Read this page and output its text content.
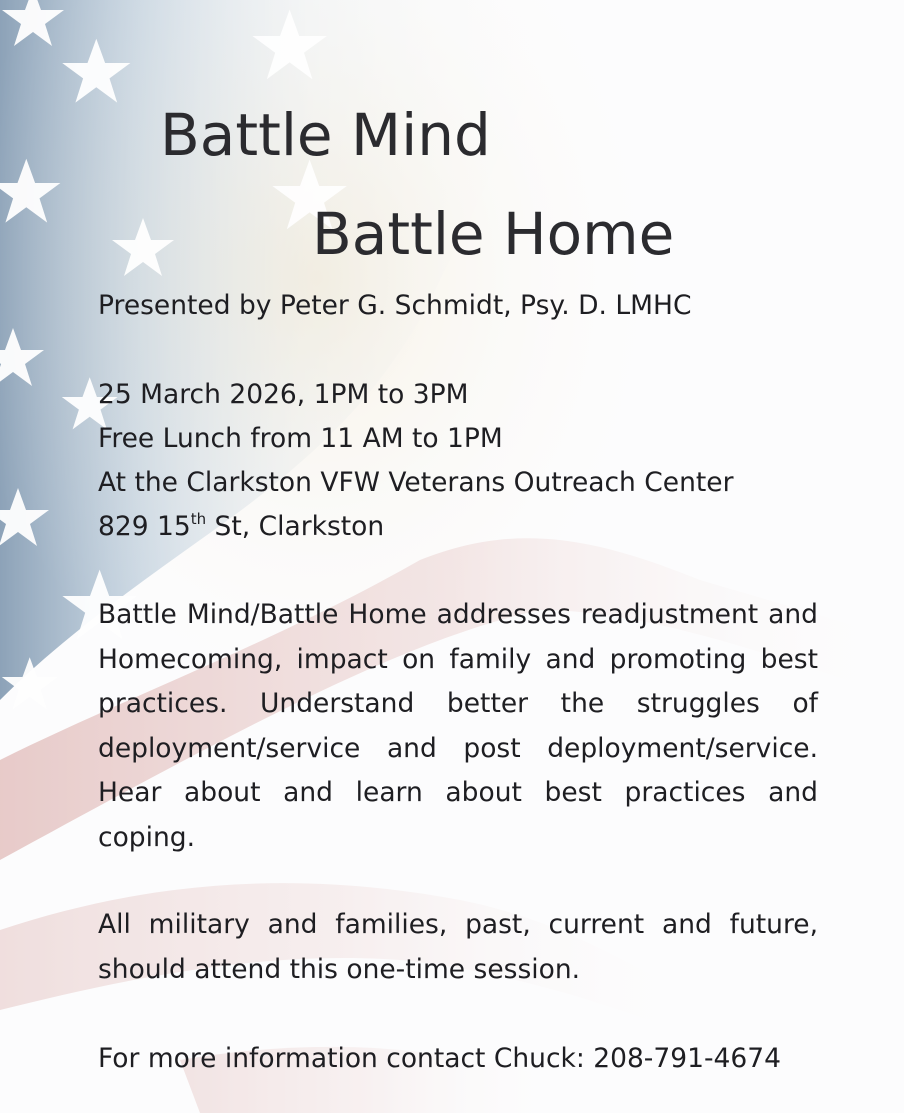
Battle Mind
Battle Home
Presented by Peter G. Schmidt, Psy. D. LMHC
25 March 2026, 1PM to 3PM
Free Lunch from 11 AM to 1PM
At the Clarkston VFW Veterans Outreach Center
829 15th St, Clarkston
Battle Mind/Battle Home addresses readjustment and Homecoming, impact on family and promoting best practices. Understand better the struggles of deployment/service and post deployment/service. Hear about and learn about best practices and coping.
All military and families, past, current and future, should attend this one-time session.
For more information contact Chuck: 208-791-4674
